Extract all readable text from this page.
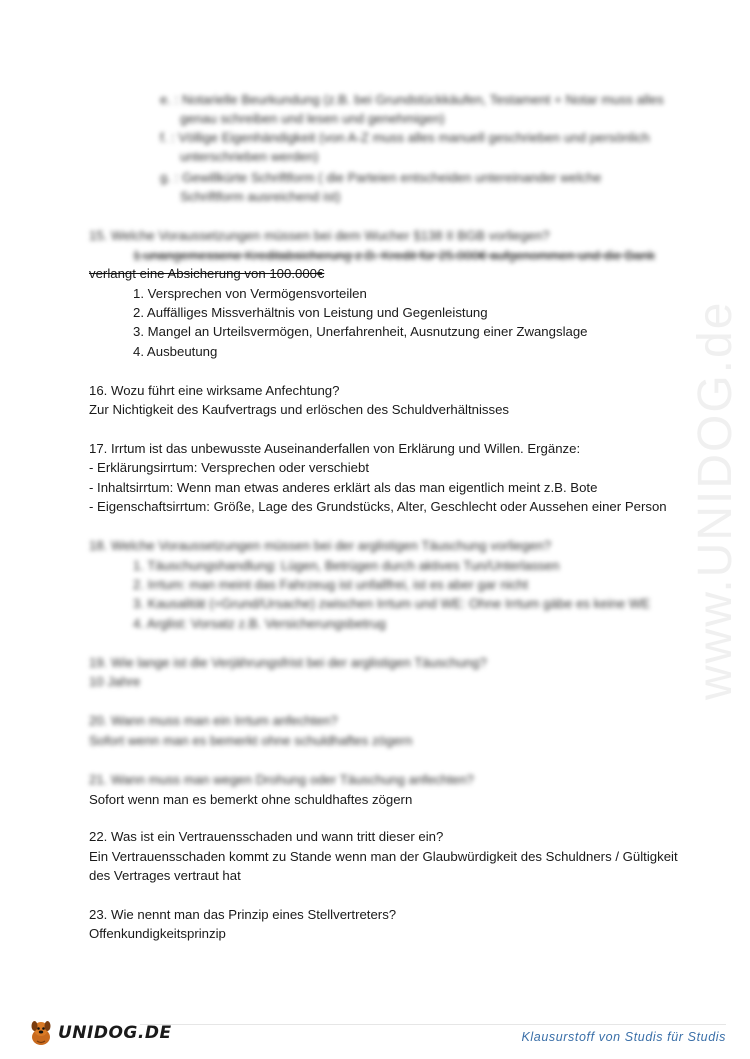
www.UNIDOG.de
e. : Notarielle Beurkundung (z.B. bei Grundstückkäufen, Testament + Notar muss alles
genau schreiben und lesen und genehmigen)
f. : Völlige Eigenhändigkeit (von A-Z muss alles manuell geschrieben und persönlich
unterschrieben werden)
g. : Gewillkürte Schriftform ( die Parteien entscheiden untereinander welche
Schriftform ausreichend ist)
15. Welche Voraussetzungen müssen bei dem Wucher §138 II BGB vorliegen?
1.unangemessene Kreditabsicherung z.B. Kredit für 25.000€ aufgenommen und die Bank
verlangt eine Absicherung von 100.000€
1. Versprechen von Vermögensvorteilen
2. Auffälliges Missverhältnis von Leistung und Gegenleistung
3. Mangel an Urteilsvermögen, Unerfahrenheit, Ausnutzung einer Zwangslage
4. Ausbeutung
16. Wozu führt eine wirksame Anfechtung?
Zur Nichtigkeit des Kaufvertrags und erlöschen des Schuldverhältnisses
17. Irrtum ist das unbewusste Auseinanderfallen von Erklärung und Willen. Ergänze:
- Erklärungsirrtum: Versprechen oder verschiebt
- Inhaltsirrtum: Wenn man etwas anderes erklärt als das man eigentlich meint z.B. Bote
- Eigenschaftsirrtum: Größe, Lage des Grundstücks, Alter, Geschlecht oder Aussehen einer Person
18. Welche Voraussetzungen müssen bei der arglistigen Täuschung vorliegen?
1. Täuschungshandlung: Lügen, Betrügen durch aktives Tun/Unterlassen
2. Irrtum: man meint das Fahrzeug ist unfallfrei, ist es aber gar nicht
3. Kausalität (=Grund/Ursache) zwischen Irrtum und WE: Ohne Irrtum gäbe es keine WE
4. Arglist: Vorsatz z.B. Versicherungsbetrug
19. Wie lange ist die Verjährungsfrist bei der arglistigen Täuschung?
10 Jahre
20. Wann muss man ein Irrtum anfechten?
Sofort wenn man es bemerkt ohne schuldhaftes zögern
21. Wann muss man wegen Drohung oder Täuschung anfechten?
Sofort wenn man es bemerkt ohne schuldhaftes zögern
22. Was ist ein Vertrauensschaden und wann tritt dieser ein?
Ein Vertrauensschaden kommt zu Stande wenn man der Glaubwürdigkeit des Schuldners / Gültigkeit
des Vertrages vertraut hat
23. Wie nennt man das Prinzip eines Stellvertreters?
Offenkundigkeitsprinzip
UNIDOG.DE	Klausurstoff von Studis für Studis
